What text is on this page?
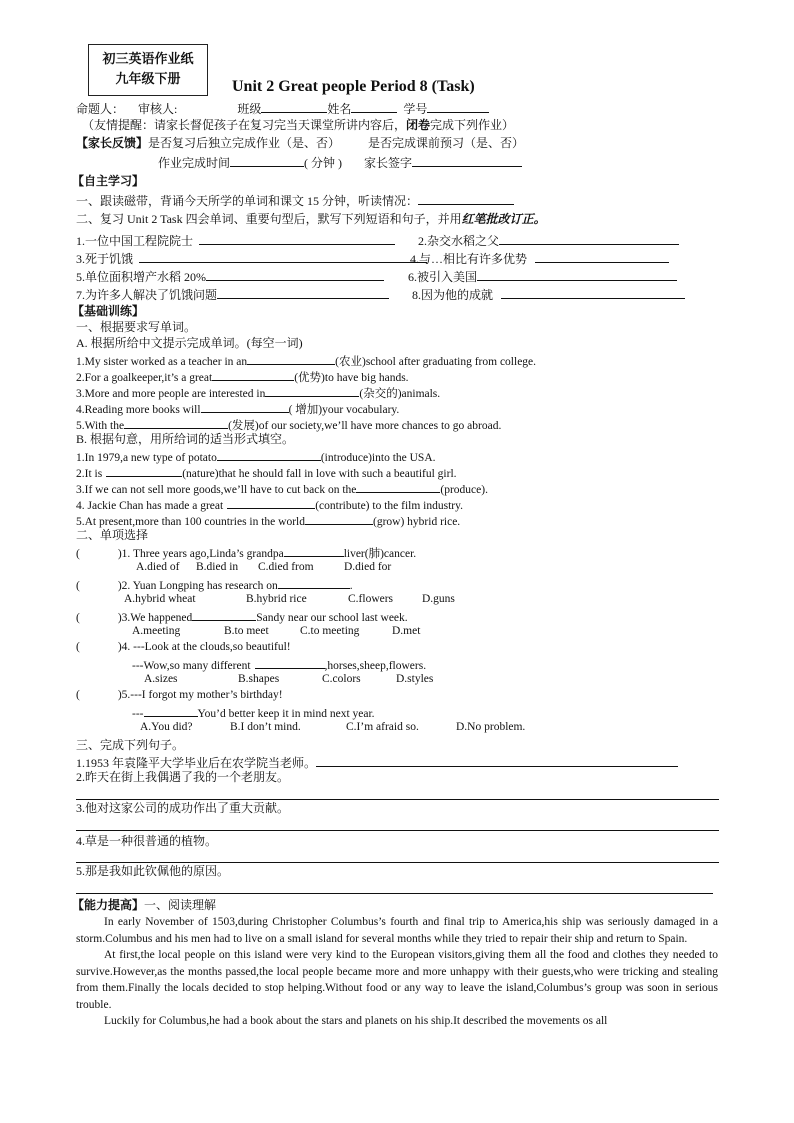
初三英语作业纸
九年级下册	Unit 2 Great people Period 8 (Task)
命题人： 审核人:	班级	姓名	学号
（友情提醒：请家长督促孩子在复习完当天课堂所讲内容后，闭卷完成下列作业）
【家长反馈】是否复习后独立完成作业（是、否） 是否完成课前预习（是、否）
作业完成时间	( 分钟 ) 家长签字
【自主学习】
一、跟读磁带，背诵今天所学的单词和课文 15 分钟，听读情况：
二、复习 Unit 2 Task 四会单词、重要句型后，默写下列短语和句子，并用红笔批改订正。
1.一位中国工程院院士	2.杂交水稻之父
3.死于饥饿	4.与…相比有许多优势
5.单位面积增产水稻 20%	6.被引入美国
7.为许多人解决了饥饿问题	8.因为他的成就
【基础训练】
一、根据要求写单词。
A. 根据所给中文提示完成单词。(每空一词)
1.My sister worked as a teacher in an	(农业)school after graduating from college.
2.For a goalkeeper,it’s a great	(优势)to have big hands.
3.More and more people are interested in	(杂交的)animals.
4.Reading more books will	( 增加)your vocabulary.
5.With the	(发展)of our society,we’ll have more chances to go abroad.
B. 根据句意，用所给词的适当形式填空。
1.In 1979,a new type of potato	(introduce)into the USA.
2.It is	(nature)that he should fall in love with such a beautiful girl.
3.If we can not sell more goods,we’ll have to cut back on the	(produce).
4. Jackie Chan has made a great	(contribute) to the film industry.
5.At present,more than 100 countries in the world	(grow) hybrid rice.
二、单项选择
(	)1. Three years ago,Linda’s grandpa	liver(肺)cancer.
A.died of B.died in C.died from	D.died for
(	)2. Yuan Longping has research on	.
A.hybrid wheat	B.hybrid rice	C.flowers	D.guns
(	)3.We happened	Sandy near our school last week.
A.meeting	B.to meet	C.to meeting	D.met
(	)4. ---Look at the clouds,so beautiful!
---Wow,so many different	,horses,sheep,flowers.
A.sizes	B.shapes	C.colors	D.styles
(	)5.---I forgot my mother’s birthday!
---	You’d better keep it in mind next year.
A.You did?	B.I don’t mind.	C.I’m afraid so.	D.No problem.
三、完成下列句子。
1.1953 年袁隆平大学毕业后在农学院当老师。
2.昨天在街上我偶遇了我的一个老朋友。
3.他对这家公司的成功作出了重大贡献。
4.草是一种很普通的植物。
5.那是我如此钦佩他的原因。
【能力提高】一、阅读理解
In early November of 1503,during Christopher Columbus’s fourth and final trip to America,his ship was seriously damaged in a storm.Columbus and his men had to live on a small island for several months while they tried to repair their ship and return to Spain.
At first,the local people on this island were very kind to the European visitors,giving them all the food and clothes they needed to survive.However,as the months passed,the local people became more and more unhappy with their guests,who were tricking and stealing from them.Finally the locals decided to stop helping.Without food or any way to leave the island,Columbus’s group was soon in serious trouble.
Luckily for Columbus,he had a book about the stars and planets on his ship.It described the movements os all
